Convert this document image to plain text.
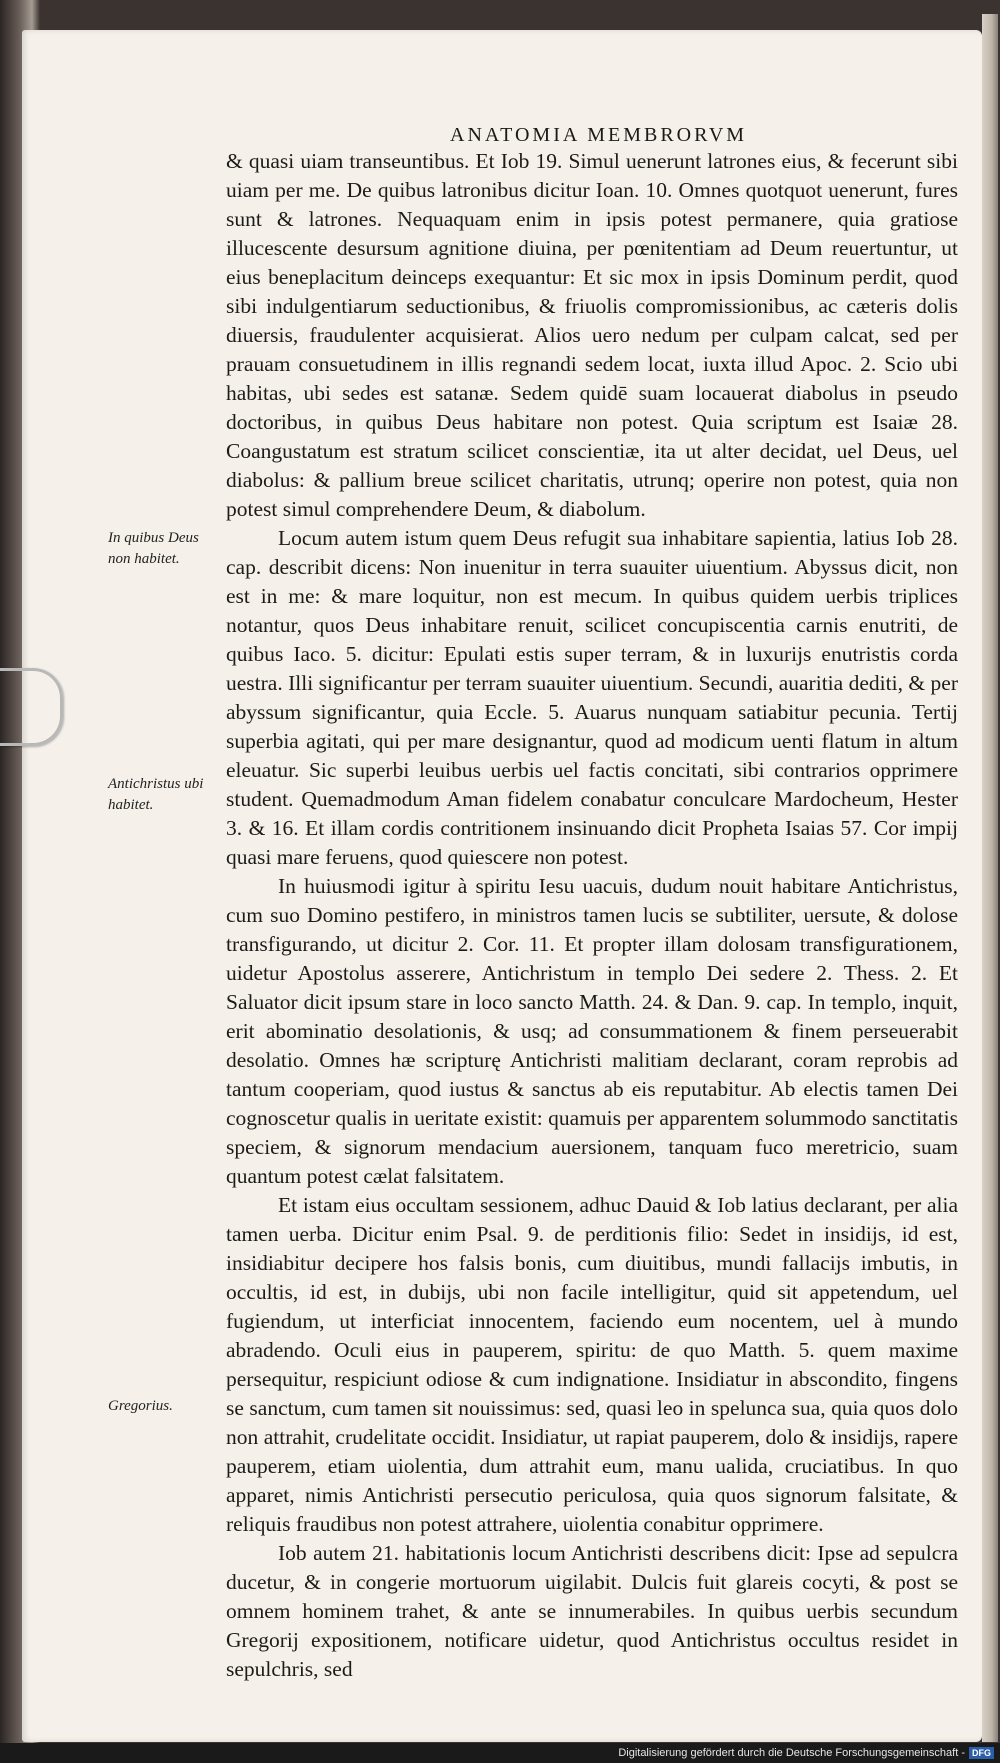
ANATOMIA MEMBRORVM

& quasi uiam transeuntibus. Et Iob 19. Simul uenerunt latrones eius, & fecerunt sibi uiam per me. De quibus latronibus dicitur Ioan. 10. Omnes quotquot uenerunt, fures sunt & latrones. Nequaquam enim in ipsis potest permanere, quia gratiose illucescente desursum agnitione diuina, per pœnitentiam ad Deum reuertuntur, ut eius beneplacitum deinceps exequantur: Et sic mox in ipsis Dominum perdit, quod sibi indulgentiarum seductionibus, & friuolis compromissionibus, ac cæteris dolis diuersis, fraudulenter acquisierat. Alios uero nedum per culpam calcat, sed per prauam consuetudinem in illis regnandi sedem locat, iuxta illud Apoc. 2. Scio ubi habitas, ubi sedes est satanæ. Sedem quidē suam locauerat diabolus in pseudo doctoribus, in quibus Deus habitare non potest. Quia scriptum est Isaiæ 28. Coangustatum est stratum scilicet conscientiæ, ita ut alter decidat, uel Deus, uel diabolus: & pallium breue scilicet charitatis, utrunq; operire non potest, quia non potest simul comprehendere Deum, & diabolum.

Locum autem istum quem Deus refugit sua inhabitare sapientia, latius Iob 28. cap. describit dicens: Non inuenitur in terra suauiter uiuentium. Abyssus dicit, non est in me: & mare loquitur, non est mecum. In quibus quidem uerbis triplices notantur, quos Deus inhabitare renuit, scilicet concupiscentia carnis enutriti, de quibus Iaco. 5. dicitur: Epulati estis super terram, & in luxurijs enutristis corda uestra. Illi significantur per terram suauiter uiuentium. Secundi, auaritia dediti, & per abyssum significantur, quia Eccle. 5. Auarus nunquam satiabitur pecunia. Tertij superbia agitati, qui per mare designantur, quod ad modicum uenti flatum in altum eleuatur. Sic superbi leuibus uerbis uel factis concitati, sibi contrarios opprimere student. Quemadmodum Aman fidelem conabatur conculcare Mardocheum, Hester 3. & 16. Et illam cordis contritionem insinuando dicit Propheta Isaias 57. Cor impij quasi mare feruens, quod quiescere non potest.

In huiusmodi igitur à spiritu Iesu uacuis, dudum nouit habitare Antichristus, cum suo Domino pestifero, in ministros tamen lucis se subtiliter, uersute, & dolose transfigurando, ut dicitur 2. Cor. 11. Et propter illam dolosam transfigurationem, uidetur Apostolus asserere, Antichristum in templo Dei sedere 2. Thess. 2. Et Saluator dicit ipsum stare in loco sancto Matth. 24. & Dan. 9. cap. In templo, inquit, erit abominatio desolationis, & usq; ad consummationem & finem perseuerabit desolatio. Omnes hæ scripturę Antichristi malitiam declarant, coram reprobis ad tantum cooperiam, quod iustus & sanctus ab eis reputabitur. Ab electis tamen Dei cognoscetur qualis in ueritate existit: quamuis per apparentem solummodo sanctitatis speciem, & signorum mendacium auersionem, tanquam fuco meretricio, suam quantum potest cælat falsitatem.

Et istam eius occultam sessionem, adhuc Dauid & Iob latius declarant, per alia tamen uerba. Dicitur enim Psal. 9. de perditionis filio: Sedet in insidijs, id est, insidiabitur decipere hos falsis bonis, cum diuitibus, mundi fallacijs imbutis, in occultis, id est, in dubijs, ubi non facile intelligitur, quid sit appetendum, uel fugiendum, ut interficiat innocentem, faciendo eum nocentem, uel à mundo abradendo. Oculi eius in pauperem, spiritu: de quo Matth. 5. quem maxime persequitur, respiciunt odiose & cum indignatione. Insidiatur in abscondito, fingens se sanctum, cum tamen sit nouissimus: sed, quasi leo in spelunca sua, quia quos dolo non attrahit, crudelitate occidit. Insidiatur, ut rapiat pauperem, dolo & insidijs, rapere pauperem, etiam uiolentia, dum attrahit eum, manu ualida, cruciatibus. In quo apparet, nimis Antichristi persecutio periculosa, quia quos signorum falsitate, & reliquis fraudibus non potest attrahere, uiolentia conabitur opprimere.

Iob autem 21. habitationis locum Antichristi describens dicit: Ipse ad sepulcra ducetur, & in congerie mortuorum uigilabit. Dulcis fuit glareis cocyti, & post se omnem hominem trahet, & ante se innumerabiles. In quibus uerbis secundum Gregorij expositionem, notificare uidetur, quod Antichristus occultus residet in sepulchris, sed

In quibus Deus non habitet.
Antichristus ubi habitet.
Gregorius.
Digitalisierung gefördert durch die Deutsche Forschungsgemeinschaft - DFG
